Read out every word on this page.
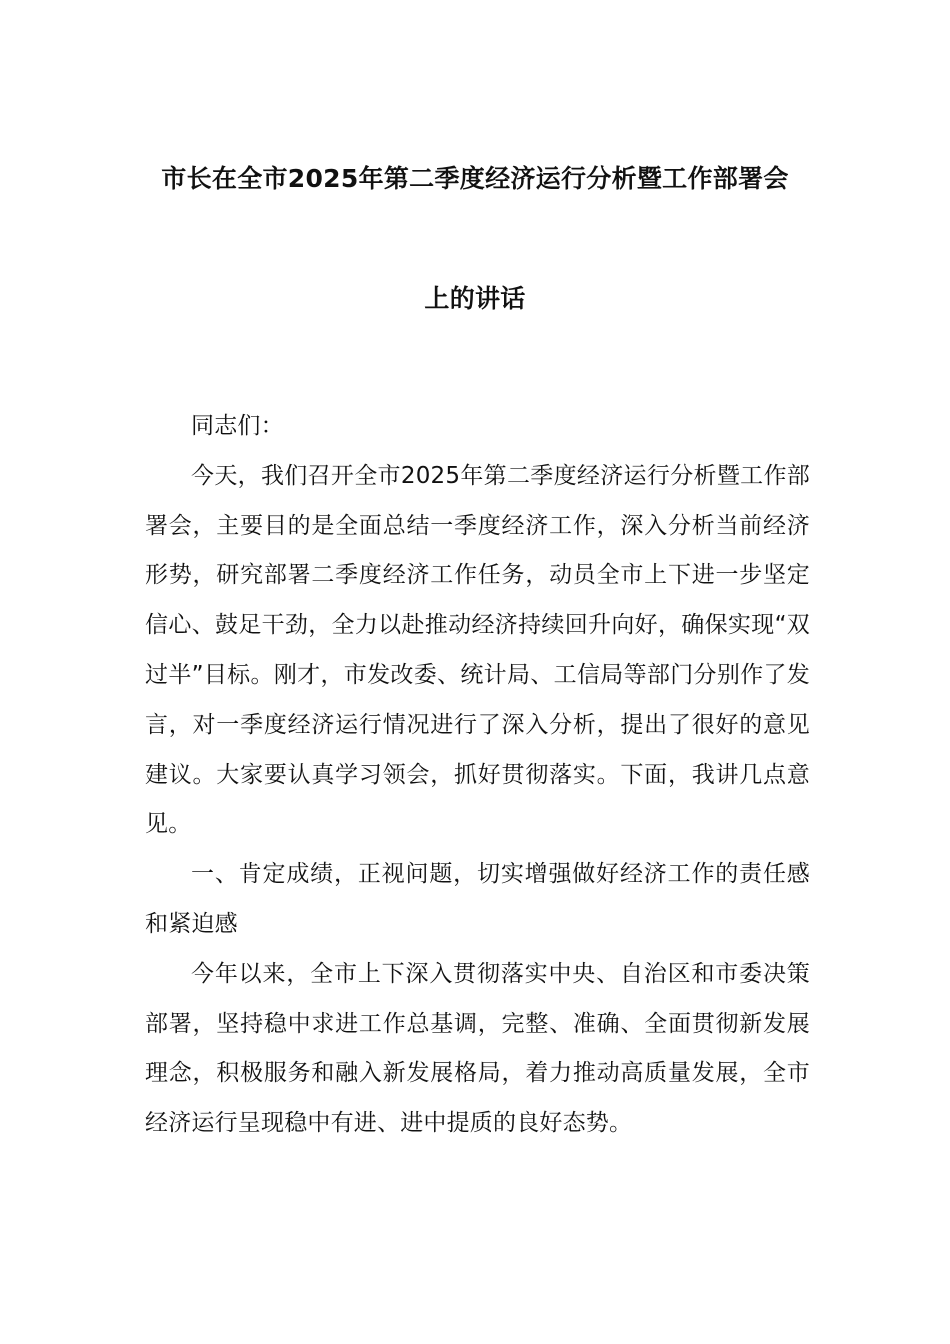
市长在全市2025年第二季度经济运行分析暨工作部署会
上的讲话

同志们：

今天，我们召开全市2025年第二季度经济运行分析暨工作部署会，主要目的是全面总结一季度经济工作，深入分析当前经济形势，研究部署二季度经济工作任务，动员全市上下进一步坚定信心、鼓足干劲，全力以赴推动经济持续回升向好，确保实现“双过半”目标。刚才，市发改委、统计局、工信局等部门分别作了发言，对一季度经济运行情况进行了深入分析，提出了很好的意见建议。大家要认真学习领会，抓好贯彻落实。下面，我讲几点意见。

一、肯定成绩，正视问题，切实增强做好经济工作的责任感和紧迫感

今年以来，全市上下深入贯彻落实中央、自治区和市委决策部署，坚持稳中求进工作总基调，完整、准确、全面贯彻新发展理念，积极服务和融入新发展格局，着力推动高质量发展，全市经济运行呈现稳中有进、进中提质的良好态势。
